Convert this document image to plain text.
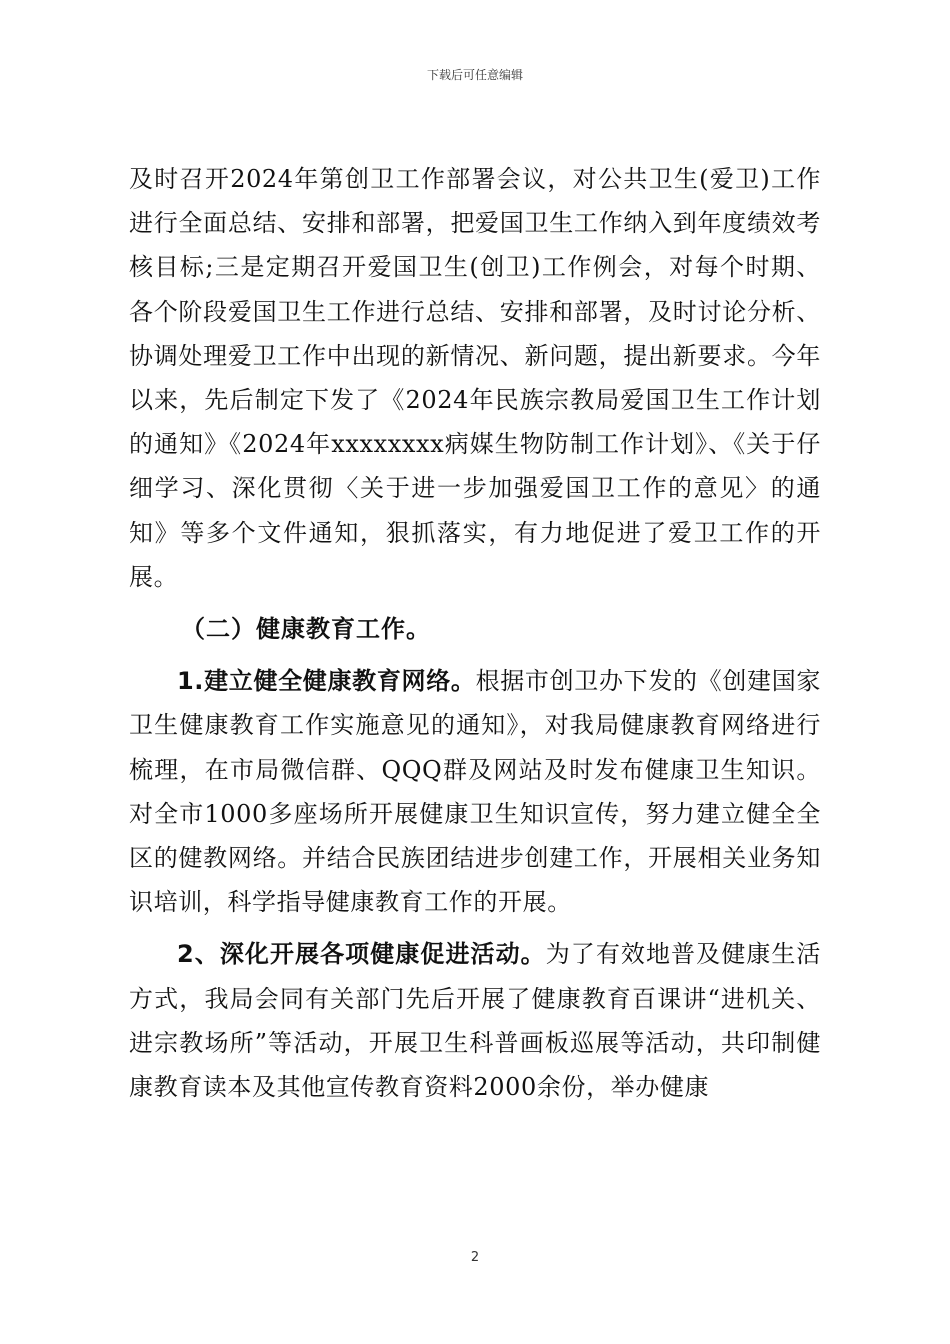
下载后可任意编辑

及时召开2024年第创卫工作部署会议，对公共卫生(爱卫)工作进行全面总结、安排和部署，把爱国卫生工作纳入到年度绩效考核目标;三是定期召开爱国卫生(创卫)工作例会，对每个时期、各个阶段爱国卫生工作进行总结、安排和部署，及时讨论分析、协调处理爱卫工作中出现的新情况、新问题，提出新要求。今年以来，先后制定下发了《2024年民族宗教局爱国卫生工作计划的通知》《2024年xxxxxxxx病媒生物防制工作计划》、《关于仔细学习、深化贯彻〈关于进一步加强爱国卫工作的意见〉的通知》等多个文件通知，狠抓落实，有力地促进了爱卫工作的开展。

（二）健康教育工作。

1.建立健全健康教育网络。根据市创卫办下发的《创建国家卫生健康教育工作实施意见的通知》，对我局健康教育网络进行梳理，在市局微信群、QQQ群及网站及时发布健康卫生知识。对全市1000多座场所开展健康卫生知识宣传，努力建立健全全区的健教网络。并结合民族团结进步创建工作，开展相关业务知识培训，科学指导健康教育工作的开展。

2、深化开展各项健康促进活动。为了有效地普及健康生活方式，我局会同有关部门先后开展了健康教育百课讲“进机关、进宗教场所”等活动，开展卫生科普画板巡展等活动，共印制健康教育读本及其他宣传教育资料2000余份，举办健康

2
